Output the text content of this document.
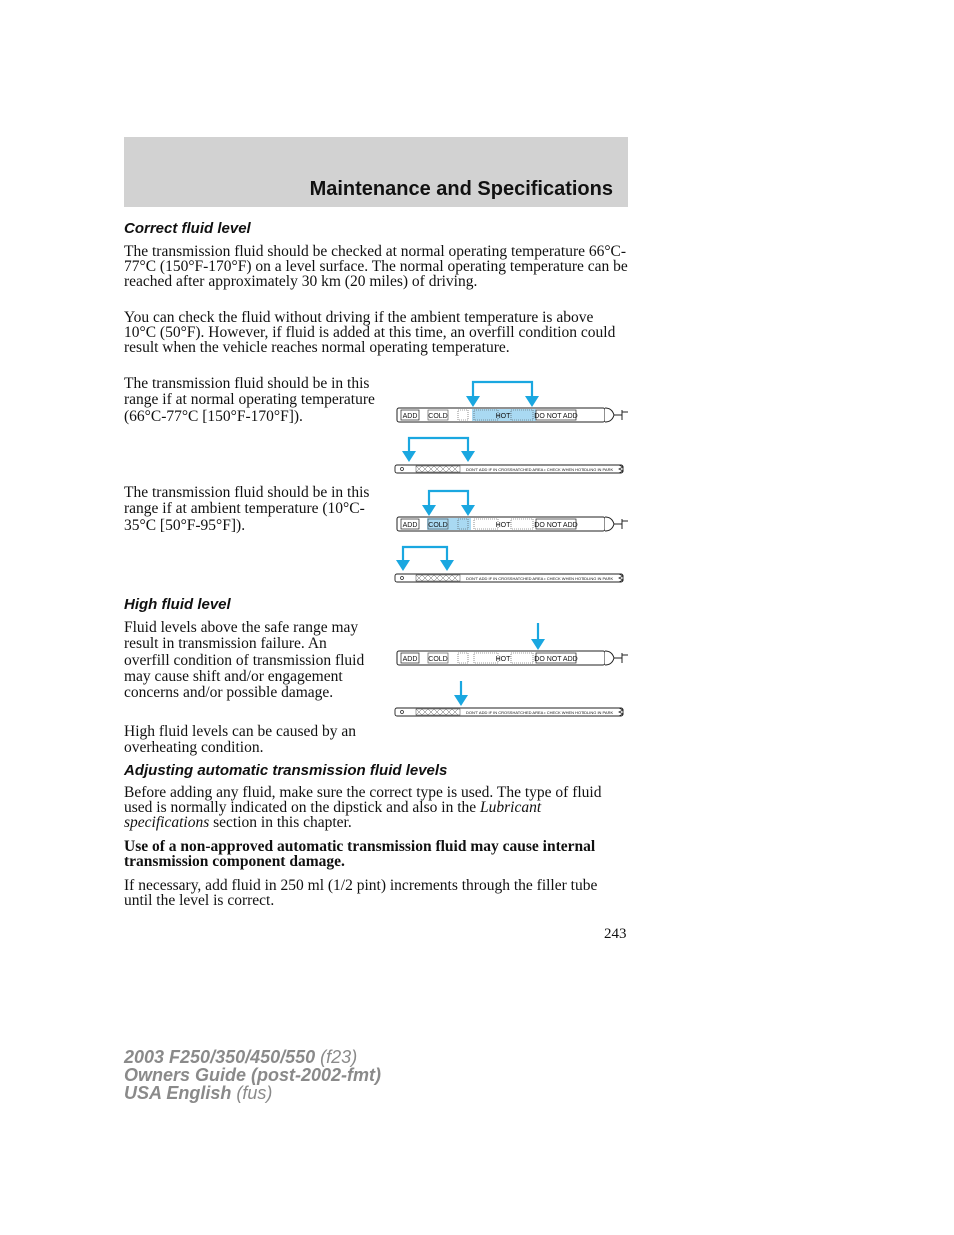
Maintenance and Specifications
Correct fluid level

The transmission fluid should be checked at normal operating temperature 66°C-77°C (150°F-170°F) on a level surface. The normal operating temperature can be reached after approximately 30 km (20 miles) of driving.

You can check the fluid without driving if the ambient temperature is above 10°C (50°F). However, if fluid is added at this time, an overfill condition could result when the vehicle reaches normal operating temperature.

The transmission fluid should be in this range if at normal operating temperature (66°C-77°C [150°F-170°F]).

The transmission fluid should be in this range if at ambient temperature (10°C-35°C [50°F-95°F]).

High fluid level

Fluid levels above the safe range may result in transmission failure. An overfill condition of transmission fluid may cause shift and/or engagement concerns and/or possible damage.

High fluid levels can be caused by an overheating condition.

Adjusting automatic transmission fluid levels

Before adding any fluid, make sure the correct type is used. The type of fluid used is normally indicated on the dipstick and also in the Lubricant specifications section in this chapter.

Use of a non-approved automatic transmission fluid may cause internal transmission component damage.

If necessary, add fluid in 250 ml (1/2 pint) increments through the filler tube until the level is correct.

ADD COLD	HOT	DO NOT ADD
DON'T ADD IF IN CROSSHATCHED AREA • CHECK WHEN HOT IDLING IN PARK
ADD COLD	HOT	DO NOT ADD
DON'T ADD IF IN CROSSHATCHED AREA • CHECK WHEN HOT IDLING IN PARK
ADD COLD	HOT	DO NOT ADD
DON'T ADD IF IN CROSSHATCHED AREA • CHECK WHEN HOT IDLING IN PARK
243
2003 F250/350/450/550 (f23)
Owners Guide (post-2002-fmt)
USA English (fus)
